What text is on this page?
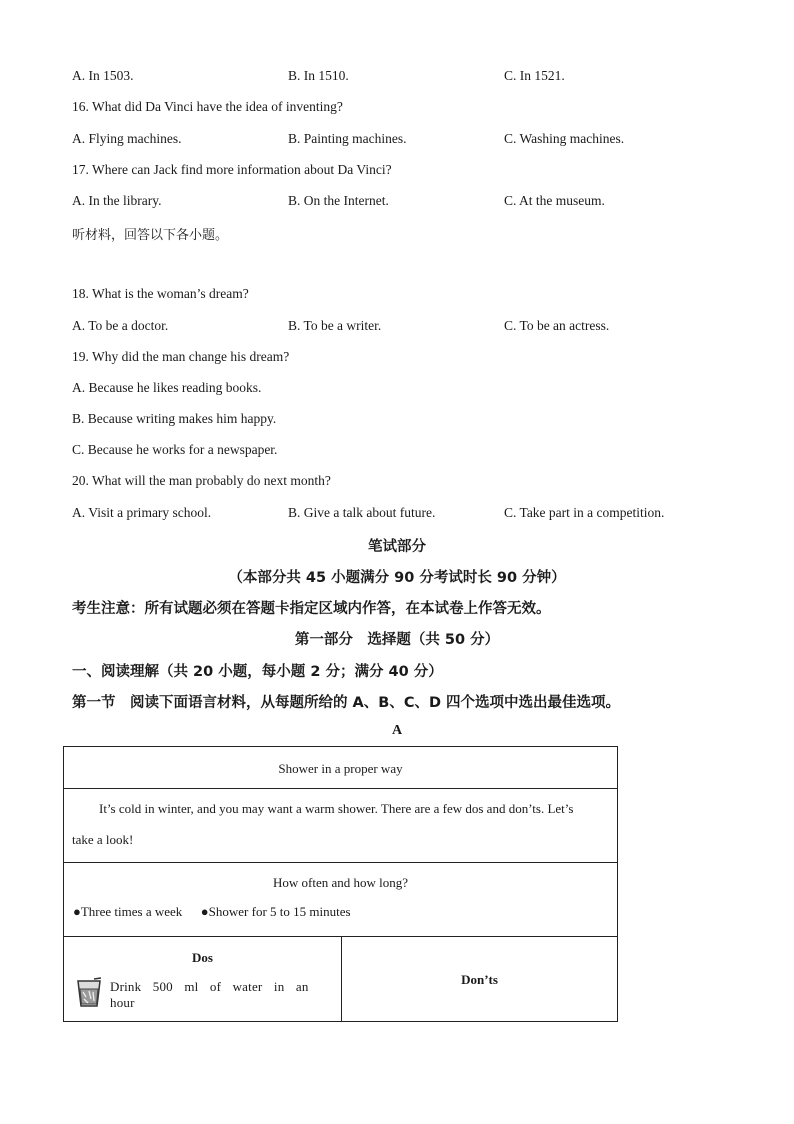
A. In 1503.	B. In 1510.	C. In 1521.
16. What did Da Vinci have the idea of inventing?
A. Flying machines.	B. Painting machines.	C. Washing machines.
17. Where can Jack find more information about Da Vinci?
A. In the library.	B. On the Internet.	C. At the museum.
听材料，回答以下各小题。
18. What is the woman’s dream?
A. To be a doctor.	B. To be a writer.	C. To be an actress.
19. Why did the man change his dream?
A. Because he likes reading books.
B. Because writing makes him happy.
C. Because he works for a newspaper.
20. What will the man probably do next month?
A. Visit a primary school.	B. Give a talk about future.	C. Take part in a competition.
笔试部分
（本部分共 45 小题满分 90 分考试时长 90 分钟）
考生注意：所有试题必须在答题卡指定区域内作答，在本试卷上作答无效。
第一部分　选择题（共 50 分）
一、阅读理解（共 20 小题，每小题 2 分；满分 40 分）
第一节　阅读下面语言材料，从每题所给的 A、B、C、D 四个选项中选出最佳选项。
A
Shower in a proper way
It’s cold in winter, and you may want a warm shower. There are a few dos and don’ts. Let’s
take a look!
How often and how long?
●Three times a week ●Shower for 5 to 15 minutes
Dos
Drink 500 ml of water in an hour
Don’ts
